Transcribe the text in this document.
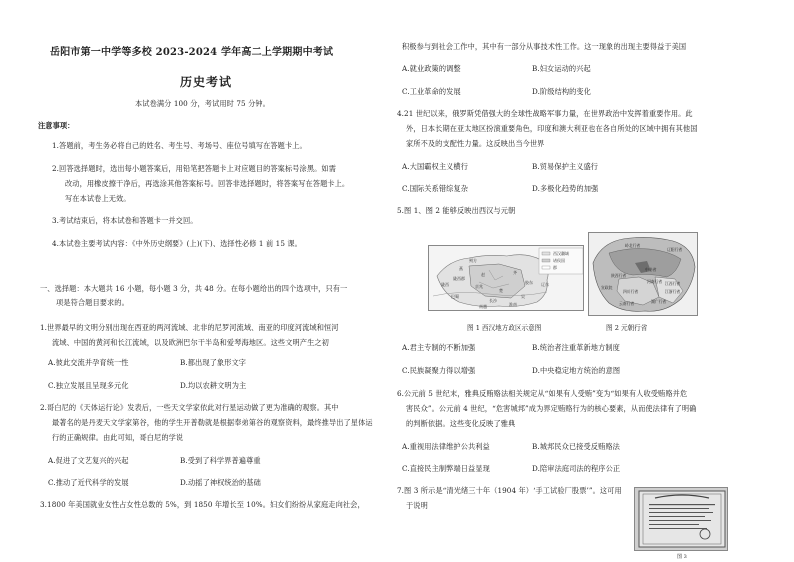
岳阳市第一中学等多校 2023-2024 学年高二上学期期中考试
历史考试
本试卷满分 100 分，考试用时 75 分钟。
注意事项：
1.答题前，考生务必将自己的姓名、考生号、考场号、座位号填写在答题卡上。
2.回答选择题时，选出每小题答案后，用铅笔把答题卡上对应题目的答案标号涂黑。如需
改动，用橡皮擦干净后，再选涂其他答案标号。回答非选择题时，将答案写在答题卡上。
写在本试卷上无效。
3.考试结束后，将本试卷和答题卡一并交回。
4.本试卷主要考试内容：《中外历史纲要》(上)(下)、选择性必修 1 前 15 课。
一、选择题：本大题共 16 小题，每小题 3 分，共 48 分。在每小题给出的四个选项中，只有一
项是符合题目要求的。
1.世界最早的文明分别出现在西亚的两河流域、北非的尼罗河流域、南亚的印度河流域和恒河
流域、中国的黄河和长江流域，以及欧洲巴尔干半岛和爱琴海地区。这些文明产生之初
A.彼此交流并孕育统一性	B.都出现了象形文字
C.独立发展且呈现多元化	D.均以农耕文明为主
2.哥白尼的《天体运行论》发表后，一些天文学家依此对行星运动做了更为准确的观察。其中
最著名的是丹麦天文学家第谷，他的学生开普勒就是根据奉弟第谷的观察资料，最终推导出了星体运
行的正确规律。由此可知，哥白尼的学说
A.促进了文艺复兴的兴起	B.受到了科学界普遍尊重
C.推动了近代科学的发展	D.动摇了神权统治的基础
3.1800 年美国就业女性占女性总数的 5%，到 1850 年增长至 10%。妇女们纷纷从家庭走向社会，
积极参与到社会工作中，其中有一部分从事技术性工作。这一现象的出现主要得益于美国
A.就业政策的调整	B.妇女运动的兴起
C.工业革命的发展	D.阶级结构的变化
4.21 世纪以来，俄罗斯凭借强大的全球性战略军事力量，在世界政治中发挥着重要作用。此
外，日本长期在亚太地区扮演重要角色，印度和澳大利亚也在各自所处的区域中拥有其他国
家所不及的支配性力量。这反映出当今世界
A.大国霸权主义横行	B.贸易保护主义盛行
C.国际关系错综复杂	D.多极化趋势的加强
5.图 1、图 2 能够反映出西汉与元朝
燕
赵	齐
楚
吴
长沙
胶东 辽东
朔方
陇西
巴蜀
南越	淮南
陇西郡
京兆
西汉疆域
诸侯国
郡
岭北行省
辽阳行省
中书省
陕西行省
河南行省
四川行省	江浙行省
湖广行省
云南行省
江西行省
宣政院
图 1 西汉地方政区示意图	图 2 元朝行省
A.君主专制的不断加强	B.统治者注重革新地方制度
C.民族凝聚力得以增强	D.中央稳定地方统治的意图
6.公元前 5 世纪末，雅典反贿赂法相关规定从“如果有人受贿”变为“如果有人收受贿赂并危
害民众”。公元前 4 世纪，“危害城邦”成为界定贿赂行为的核心要素，从而使法律有了明确
的判断依据。这些变化反映了雅典
A.重视用法律维护公共利益	B.城邦民众已接受反贿赂法
C.直接民主制弊端日益显现	D.陪审法庭司法的程序公正
7.图 3 所示是“清光绪三十年（1904 年）‘手工试验厂股票’”。这可用
于说明
图 3
